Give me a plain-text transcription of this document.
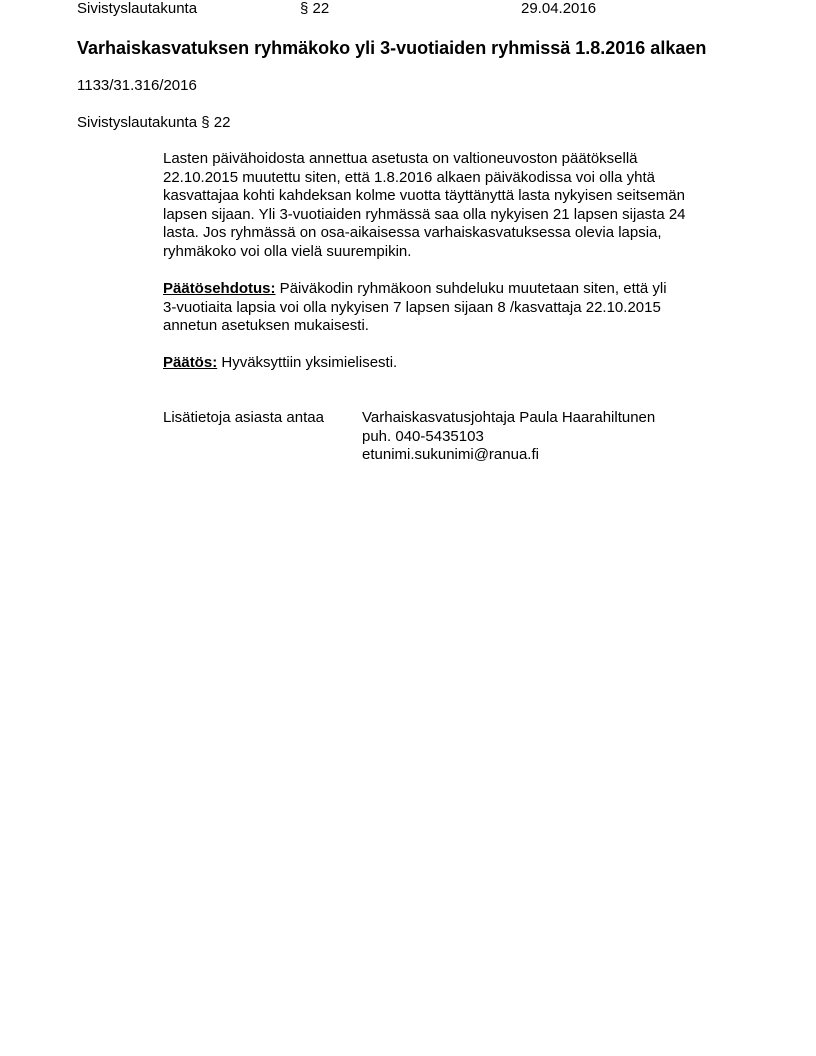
Sivistyslautakunta	§ 22	29.04.2016
Varhaiskasvatuksen ryhmäkoko yli 3-vuotiaiden ryhmissä 1.8.2016 alkaen
1133/31.316/2016
Sivistyslautakunta § 22
Lasten päivähoidosta annettua asetusta on valtioneuvoston päätöksellä
22.10.2015 muutettu siten, että 1.8.2016 alkaen päiväkodissa voi olla yhtä
kasvattajaa kohti kahdeksan kolme vuotta täyttänyttä lasta nykyisen seitsemän
lapsen sijaan. Yli 3-vuotiaiden ryhmässä saa olla nykyisen 21 lapsen sijasta 24
lasta. Jos ryhmässä on osa-aikaisessa varhaiskasvatuksessa olevia lapsia,
ryhmäkoko voi olla vielä suurempikin.
Päätösehdotus: Päiväkodin ryhmäkoon suhdeluku muutetaan siten, että yli
3-vuotiaita lapsia voi olla nykyisen 7 lapsen sijaan 8 /kasvattaja 22.10.2015
annetun asetuksen mukaisesti.
Päätös: Hyväksyttiin yksimielisesti.
Lisätietoja asiasta antaa	Varhaiskasvatusjohtaja Paula Haarahiltunen
puh. 040-5435103
etunimi.sukunimi@ranua.fi
